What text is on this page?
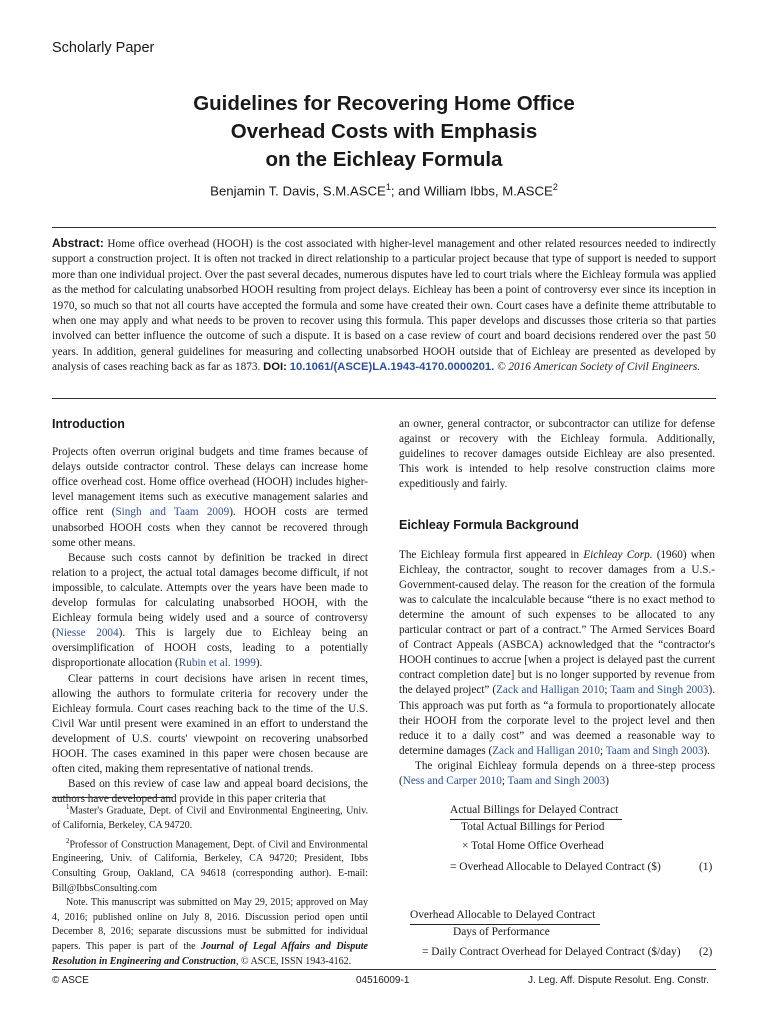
Scholarly Paper
Guidelines for Recovering Home Office
Overhead Costs with Emphasis
on the Eichleay Formula
Benjamin T. Davis, S.M.ASCE$^1$; and William Ibbs, M.ASCE$^2$
Abstract: Home office overhead (HOOH) is the cost associated with higher-level management and other related resources needed to indirectly support a construction project. It is often not tracked in direct relationship to a particular project because that type of support is needed to support more than one individual project. Over the past several decades, numerous disputes have led to court trials where the Eichleay formula was applied as the method for calculating unabsorbed HOOH resulting from project delays. Eichleay has been a point of controversy ever since its inception in 1970, so much so that not all courts have accepted the formula and some have created their own. Court cases have a definite theme attributable to when one may apply and what needs to be proven to recover using this formula. This paper develops and discusses those criteria so that parties involved can better influence the outcome of such a dispute. It is based on a case review of court and board decisions rendered over the past 50 years. In addition, general guidelines for measuring and collecting unabsorbed HOOH outside that of Eichleay are presented as developed by analysis of cases reaching back as far as 1873. DOI: 10.1061/(ASCE)LA.1943-4170.0000201. © 2016 American Society of Civil Engineers.
Introduction

Projects often overrun original budgets and time frames because of delays outside contractor control. These delays can increase home office overhead cost. Home office overhead (HOOH) includes higher-level management items such as executive management salaries and office rent (Singh and Taam 2009). HOOH costs are termed unabsorbed HOOH costs when they cannot be recovered through some other means.

Because such costs cannot by definition be tracked in direct relation to a project, the actual total damages become difficult, if not impossible, to calculate. Attempts over the years have been made to develop formulas for calculating unabsorbed HOOH, with the Eichleay formula being widely used and a source of controversy (Niesse 2004). This is largely due to Eichleay being an oversimplification of HOOH costs, leading to a potentially disproportionate allocation (Rubin et al. 1999).

Clear patterns in court decisions have arisen in recent times, allowing the authors to formulate criteria for recovery under the Eichleay formula. Court cases reaching back to the time of the U.S. Civil War until present were examined in an effort to understand the development of U.S. courts' viewpoint on recovering unabsorbed HOOH. The cases examined in this paper were chosen because are often cited, making them representative of national trends.

Based on this review of case law and appeal board decisions, the authors have developed and provide in this paper criteria that

$^1$Master's Graduate, Dept. of Civil and Environmental Engineering, Univ. of California, Berkeley, CA 94720.

$^2$Professor of Construction Management, Dept. of Civil and Environmental Engineering, Univ. of California, Berkeley, CA 94720; President, Ibbs Consulting Group, Oakland, CA 94618 (corresponding author). E-mail: Bill@IbbsConsulting.com

Note. This manuscript was submitted on May 29, 2015; approved on May 4, 2016; published online on July 8, 2016. Discussion period open until December 8, 2016; separate discussions must be submitted for individual papers. This paper is part of the Journal of Legal Affairs and Dispute Resolution in Engineering and Construction, © ASCE, ISSN 1943-4162.

an owner, general contractor, or subcontractor can utilize for defense against or recovery with the Eichleay formula. Additionally, guidelines to recover damages outside Eichleay are also presented. This work is intended to help resolve construction claims more expeditiously and fairly.

Eichleay Formula Background

The Eichleay formula first appeared in Eichleay Corp. (1960) when Eichleay, the contractor, sought to recover damages from a U.S.-Government-caused delay. The reason for the creation of the formula was to calculate the incalculable because “there is no exact method to determine the amount of such expenses to be allocated to any particular contract or part of a contract.” The Armed Services Board of Contract Appeals (ASBCA) acknowledged that the “contractor's HOOH continues to accrue [when a project is delayed past the current contract completion date] but is no longer supported by revenue from the delayed project” (Zack and Halligan 2010; Taam and Singh 2003). This approach was put forth as “a formula to proportionately allocate their HOOH from the corporate level to the project level and then reduce it to a daily cost” and was deemed a reasonable way to determine damages (Zack and Halligan 2010; Taam and Singh 2003).

The original Eichleay formula depends on a three-step process (Ness and Carper 2010; Taam and Singh 2003)

Actual Billings for Delayed Contract
Total Actual Billings for Period
× Total Home Office Overhead
= Overhead Allocable to Delayed Contract ($)	(1)
Overhead Allocable to Delayed Contract
Days of Performance
= Daily Contract Overhead for Delayed Contract ($/day) (2)
© ASCE	04516009-1	J. Leg. Aff. Dispute Resolut. Eng. Constr.
